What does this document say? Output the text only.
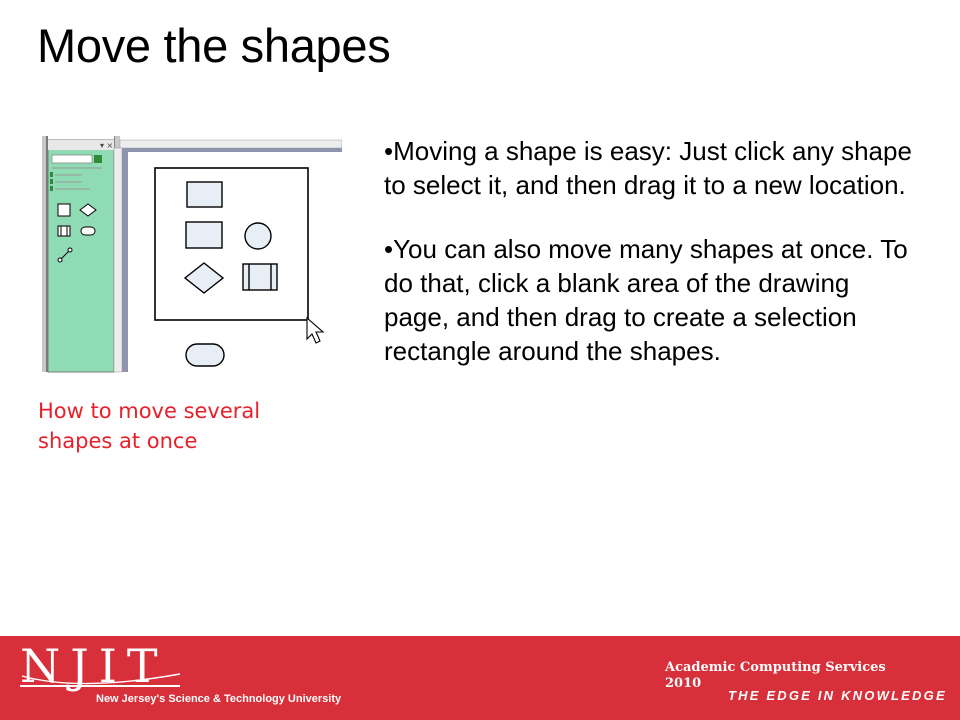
Move the shapes
▾ ×
How to move several shapes at once

•Moving a shape is easy: Just click any shape to select it, and then drag it to a new location.

•You can also move many shapes at once. To do that, click a blank area of the drawing page, and then drag to create a selection rectangle around the shapes.

NJIT
New Jersey's Science & Technology University
Academic Computing Services
2010
THE EDGE IN KNOWLEDGE
